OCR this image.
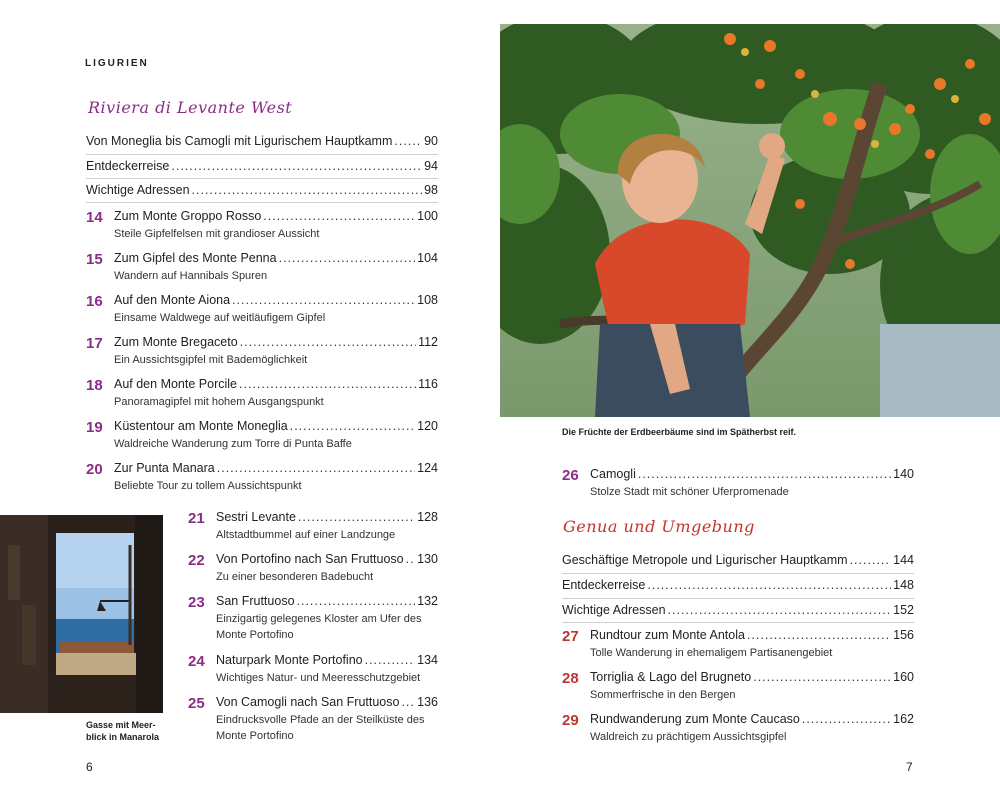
LIGURIEN
Riviera di Levante West
Von Moneglia bis Camogli mit Ligurischem Hauptkamm .....	90
Entdeckerreise .....	94
Wichtige Adressen .....	98
14 Zum Monte Groppo Rosso .....	100
Steile Gipfelfelsen mit grandioser Aussicht
15 Zum Gipfel des Monte Penna .....	104
Wandern auf Hannibals Spuren
16 Auf den Monte Aiona .....	108
Einsame Waldwege auf weitläufigem Gipfel
17 Zum Monte Bregaceto .....	112
Ein Aussichtsgipfel mit Bademöglichkeit
18 Auf den Monte Porcile .....	116
Panoramagipfel mit hohem Ausgangspunkt
19 Küstentour am Monte Moneglia .....	120
Waldreiche Wanderung zum Torre di Punta Baffe
20 Zur Punta Manara .....	124
Beliebte Tour zu tollem Aussichtspunkt
Gasse mit Meer-
blick in Manarola
21 Sestri Levante .....	128
Altstadtbummel auf einer Landzunge
22 Von Portofino nach San Fruttuoso ..... 130
Zu einer besonderen Badebucht
23 San Fruttuoso .....	132
Einzigartig gelegenes Kloster am Ufer des
Monte Portofino
24 Naturpark Monte Portofino .....	134
Wichtiges Natur- und Meeresschutzgebiet
25 Von Camogli nach San Fruttuoso ..... 136
Eindrucksvolle Pfade an der Steilküste des
Monte Portofino
6
Die Früchte der Erdbeerbäume sind im Spätherbst reif.
26 Camogli .....	140
Stolze Stadt mit schöner Uferpromenade
Genua und Umgebung
Geschäftige Metropole und Ligurischer Hauptkamm .....	144
Entdeckerreise .....	148
Wichtige Adressen .....	152
27 Rundtour zum Monte Antola .....	156
Tolle Wanderung in ehemaligem Partisanengebiet
28 Torriglia & Lago del Brugneto .....	160
Sommerfrische in den Bergen
29 Rundwanderung zum Monte Caucaso .....	162
Waldreich zu prächtigem Aussichtsgipfel
7
